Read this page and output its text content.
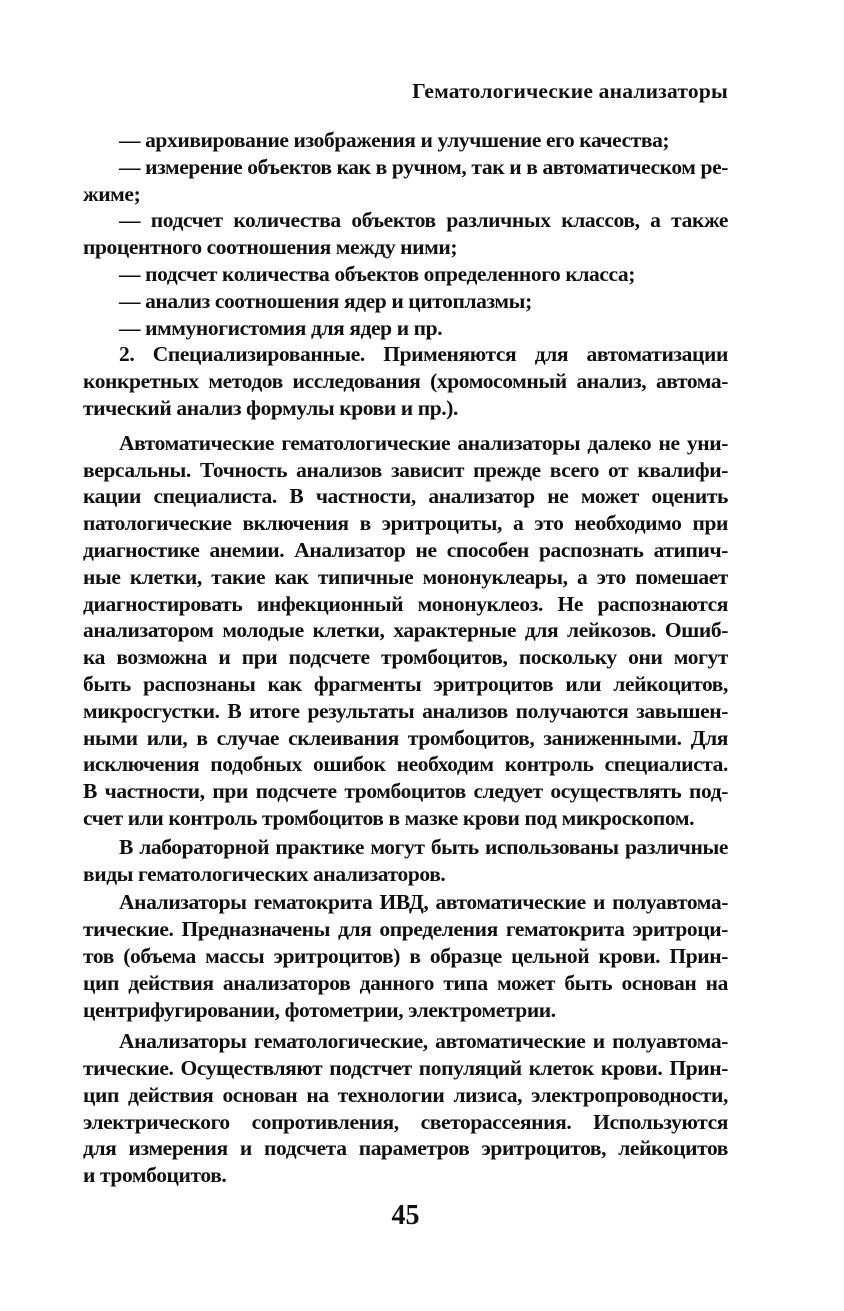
Гематологические анализаторы
— архивирование изображения и улучшение его качества;
— измерение объектов как в ручном, так и в автоматическом ре-
жиме;
— подсчет количества объектов различных классов, а также
процентного соотношения между ними;
— подсчет количества объектов определенного класса;
— анализ соотношения ядер и цитоплазмы;
— иммуногистомия для ядер и пр.
2. Специализированные. Применяются для автоматизации
конкретных методов исследования (хромосомный анализ, автома-
тический анализ формулы крови и пр.).
Автоматические гематологические анализаторы далеко не уни-
версальны. Точность анализов зависит прежде всего от квалифи-
кации специалиста. В частности, анализатор не может оценить
патологические включения в эритроциты, а это необходимо при
диагностике анемии. Анализатор не способен распознать атипич-
ные клетки, такие как типичные мононуклеары, а это помешает
диагностировать инфекционный мононуклеоз. Не распознаются
анализатором молодые клетки, характерные для лейкозов. Ошиб-
ка возможна и при подсчете тромбоцитов, поскольку они могут
быть распознаны как фрагменты эритроцитов или лейкоцитов,
микросгустки. В итоге результаты анализов получаются завышен-
ными или, в случае склеивания тромбоцитов, заниженными. Для
исключения подобных ошибок необходим контроль специалиста.
В частности, при подсчете тромбоцитов следует осуществлять под-
счет или контроль тромбоцитов в мазке крови под микроскопом.
В лабораторной практике могут быть использованы различные
виды гематологических анализаторов.
Анализаторы гематокрита ИВД, автоматические и полуавтома-
тические. Предназначены для определения гематокрита эритроци-
тов (объема массы эритроцитов) в образце цельной крови. Прин-
цип действия анализаторов данного типа может быть основан на
центрифугировании, фотометрии, электрометрии.
Анализаторы гематологические, автоматические и полуавтома-
тические. Осуществляют подстчет популяций клеток крови. Прин-
цип действия основан на технологии лизиса, электропроводности,
электрического сопротивления, светорассеяния. Используются
для измерения и подсчета параметров эритроцитов, лейкоцитов
и тромбоцитов.
45
